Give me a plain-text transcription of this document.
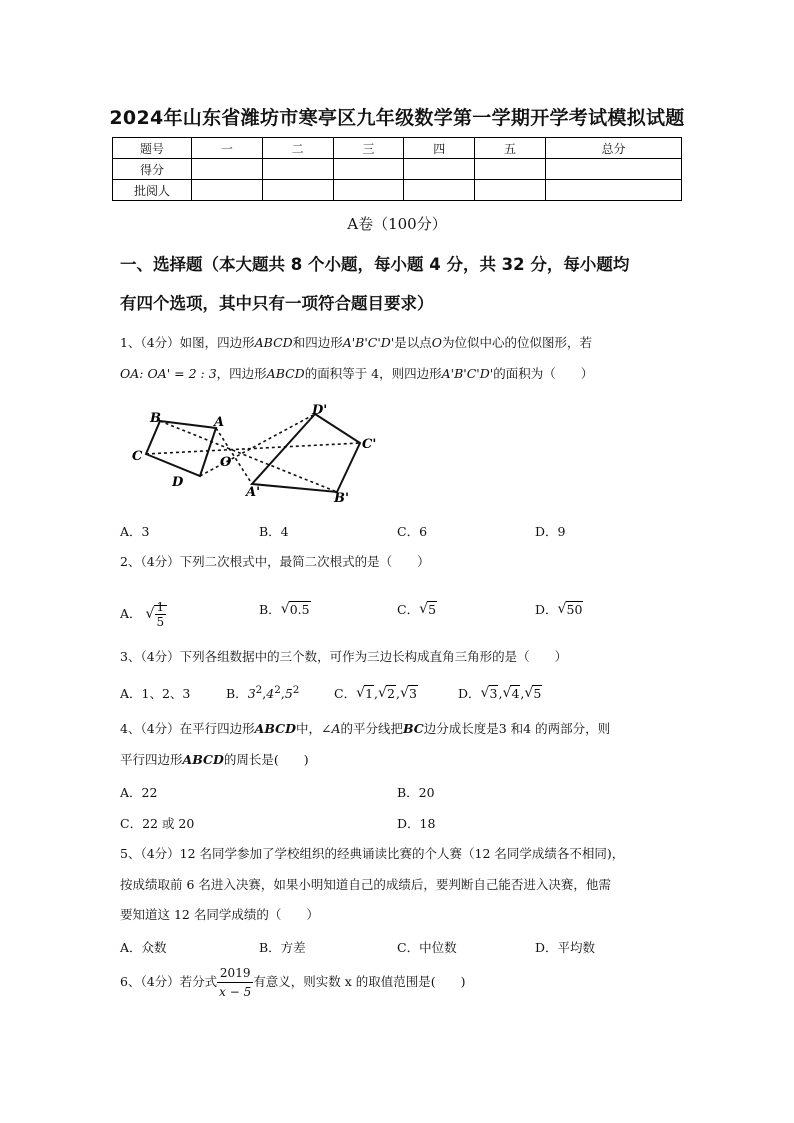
2024年山东省潍坊市寒亭区九年级数学第一学期开学考试模拟试题
题号	一	二	三	四	五	总分
得分						
批阅人						
A卷（100分）
一、选择题（本大题共 8 个小题，每小题 4 分，共 32 分，每小题均
有四个选项，其中只有一项符合题目要求）
1、（4分）如图，四边形ABCD和四边形A'B'C'D'是以点O为位似中心的位似图形，若
OA: OA' = 2 : 3，四边形ABCD的面积等于 4，则四边形A'B'C'D'的面积为（　　）
B	A
C
D
O
D'
C'
A'	B'
A．3	B．4	C．6	D．9
2、（4分）下列二次根式中，最简二次根式的是（　　）
A． √ $\frac{1}{5}$	B． √ 0.5	C． √ 5	D． √ 50
3、（4分）下列各组数据中的三个数，可作为三边长构成直角三角形的是（　　）
A．1、2、3	B．$3^2,4^2,5^2$	C． √ 1, √ 2, √ 3	D． √ 3, √ 4, √ 5
4、（4分）在平行四边形ABCD中，∠A的平分线把BC边分成长度是3 和4 的两部分，则
平行四边形ABCD的周长是(　　)
A．22	B．20
C．22 或 20	D．18
5、（4分）12 名同学参加了学校组织的经典诵读比赛的个人赛（12 名同学成绩各不相同)，
按成绩取前 6 名进入决赛，如果小明知道自己的成绩后，要判断自己能否进入决赛，他需
要知道这 12 名同学成绩的（　　）
A．众数	B．方差	C．中位数	D．平均数
6、（4分）若分式 $\frac{2019}{x - 5}$ 有意义，则实数 x 的取值范围是(　　)
